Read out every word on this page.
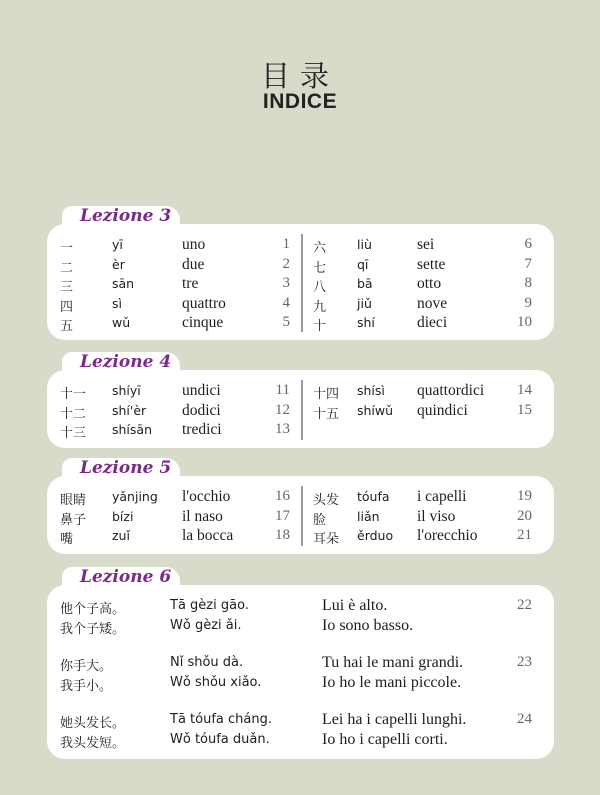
目录
INDICE
Lezione 3
一	yī	uno	1
二	èr	due	2
三	sān	tre	3
四	sì	quattro	4
五	wǔ	cinque	5
六 liù	sei	6
七 qī	sette	7
八 bā	otto	8
九 jiǔ	nove	9
十 shí	dieci	10
Lezione 4
十一 shíyī	undici	11
十二 shí'èr dodici	12
十三 shísān tredici	13
十四 shísì quattordici	14
十五 shíwǔ quindici	15
Lezione 5
眼睛 yǎnjing l'occhio	16
鼻子 bízi	il naso	17
嘴	zuǐ	la bocca	18
头发 tóufa i capelli	19
脸 liǎn il viso	20
耳朵 ěrduo l'orecchio	21
Lezione 6
他个子高。	Tā gèzi gāo.	Lui è alto.
我个子矮。	Wǒ gèzi ǎi.	Io sono basso.
22
你手大。	Nǐ shǒu dà.	Tu hai le mani grandi.
我手小。	Wǒ shǒu xiǎo.	Io ho le mani piccole.
23
她头发长。	Tā tóufa cháng.	Lei ha i capelli lunghi.
我头发短。	Wǒ tóufa duǎn.	Io ho i capelli corti.
24
